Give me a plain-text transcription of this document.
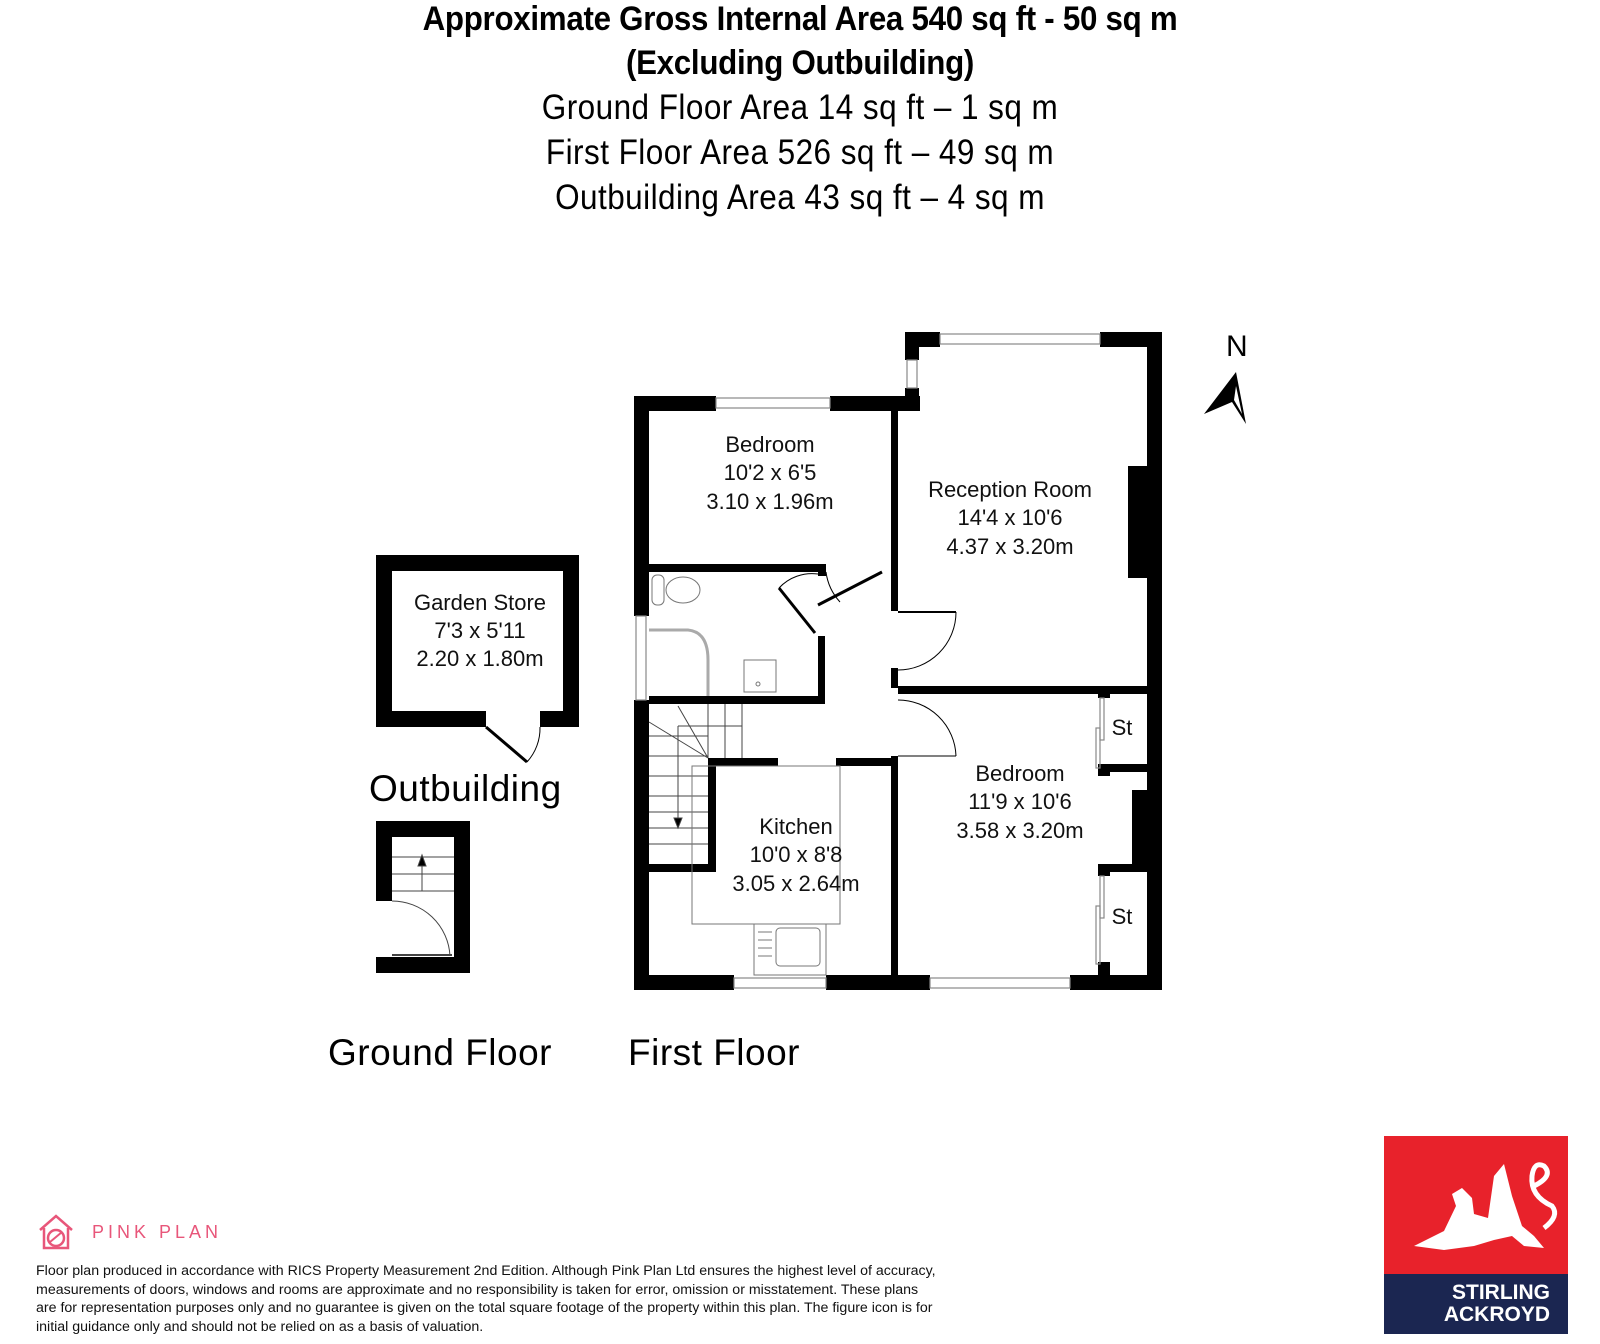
Approximate Gross Internal Area 540 sq ft - 50 sq m
(Excluding Outbuilding)
Ground Floor Area 14 sq ft – 1 sq m
First Floor Area 526 sq ft – 49 sq m
Outbuilding Area 43 sq ft – 4 sq m
Bedroom
10'2 x 6'5
3.10 x 1.96m	Reception Room
14'4 x 10'6
4.37 x 3.20m
Bedroom
11'9 x 10'6
3.58 x 3.20m
Kitchen
10'0 x 8'8
3.05 x 2.64m
Garden Store
7'3 x 5'11
2.20 x 1.80m
St
St
N
Outbuilding
Ground Floor First Floor
PINK PLAN
Floor plan produced in accordance with RICS Property Measurement 2nd Edition. Although Pink Plan Ltd ensures the highest level of accuracy, measurements of doors, windows and rooms are approximate and no responsibility is taken for error, omission or misstatement. These plans are for representation purposes only and no guarantee is given on the total square footage of the property within this plan. The figure icon is for initial guidance only and should not be relied on as a basis of valuation.
STIRLING
ACKROYD
